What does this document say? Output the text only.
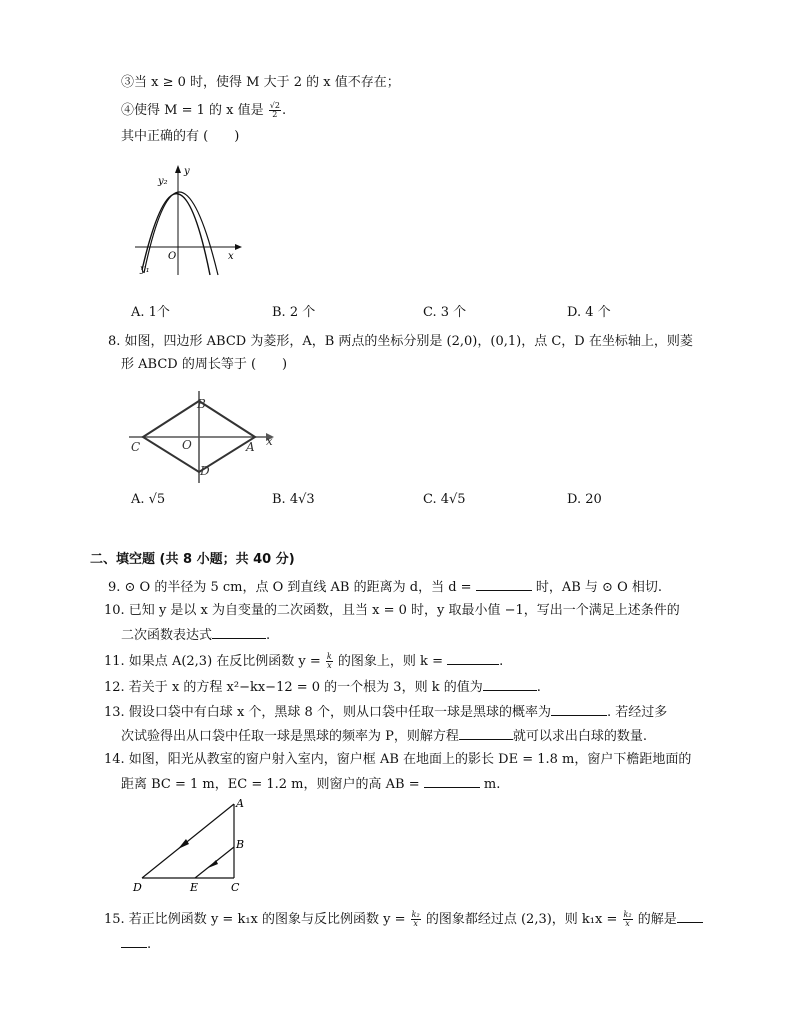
③当 x ≥ 0 时，使得 M 大于 2 的 x 值不存在；
④使得 M = 1 的 x 值是 $\frac{√2}{2}$ .
其中正确的有 (　　)
y
y₂
O	x
y₁
A. 1个	B. 2 个	C. 3 个	D. 4 个
8. 如图，四边形 ABCD 为菱形，A，B 两点的坐标分别是 (2,0)，(0,1)，点 C，D 在坐标轴上，则菱
形 ABCD 的周长等于 (　　)
B
O
C	A
D
x
A. √5	B. 4√3	C. 4√5	D. 20
二、填空题 (共 8 小题；共 40 分)
9. ⊙ O 的半径为 5 cm，点 O 到直线 AB 的距离为 d，当 d =	时，AB 与 ⊙ O 相切.
10. 已知 y 是以 x 为自变量的二次函数，且当 x = 0 时，y 取最小值 −1，写出一个满足上述条件的
二次函数表达式	.
11. 如果点 A(2,3) 在反比例函数 $y = \frac{k}{x}$ 的图象上，则 k =	.
12. 若关于 x 的方程 x²−kx−12 = 0 的一个根为 3，则 k 的值为	.
13. 假设口袋中有白球 x 个，黑球 8 个，则从口袋中任取一球是黑球的概率为	. 若经过多
次试验得出从口袋中任取一球是黑球的频率为 P，则解方程	就可以求出白球的数量.
14. 如图，阳光从教室的窗户射入室内，窗户框 AB 在地面上的影长 DE = 1.8 m，窗户下檐距地面的
距离 BC = 1 m，EC = 1.2 m，则窗户的高 AB =	m.
A
B
C
D	E
15. 若正比例函数 y = k₁x 的图象与反比例函数 $y = \frac{\text{k₂}}{x}$ 的图象都经过点 (2,3)，则 $k_1x = \frac{\text{k₂}}{x}$ 的解是
.
